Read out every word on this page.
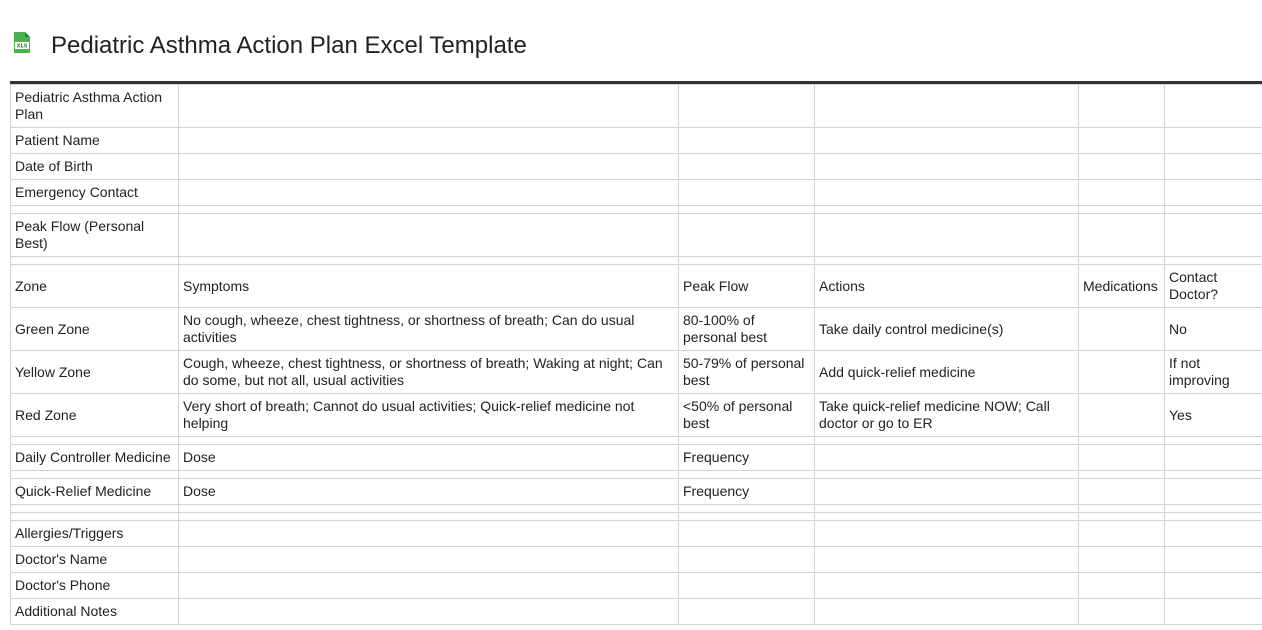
XLS Pediatric Asthma Action Plan Excel Template
Pediatric Asthma Action Plan					
Patient Name					
Date of Birth					
Emergency Contact					

Peak Flow (Personal Best)					

Zone	Symptoms	Peak Flow	Actions	Medications	Contact Doctor?
Green Zone	No cough, wheeze, chest tightness, or shortness of breath; Can do usual activities	80-100% of personal best	Take daily control medicine(s)		No
Yellow Zone	Cough, wheeze, chest tightness, or shortness of breath; Waking at night; Can do some, but not all, usual activities	50-79% of personal best	Add quick-relief medicine		If not improving
Red Zone	Very short of breath; Cannot do usual activities; Quick-relief medicine not helping	<50% of personal best	Take quick-relief medicine NOW; Call doctor or go to ER		Yes

Daily Controller Medicine	Dose	Frequency			

Quick-Relief Medicine	Dose	Frequency			

Allergies/Triggers					
Doctor's Name					
Doctor's Phone					
Additional Notes					
